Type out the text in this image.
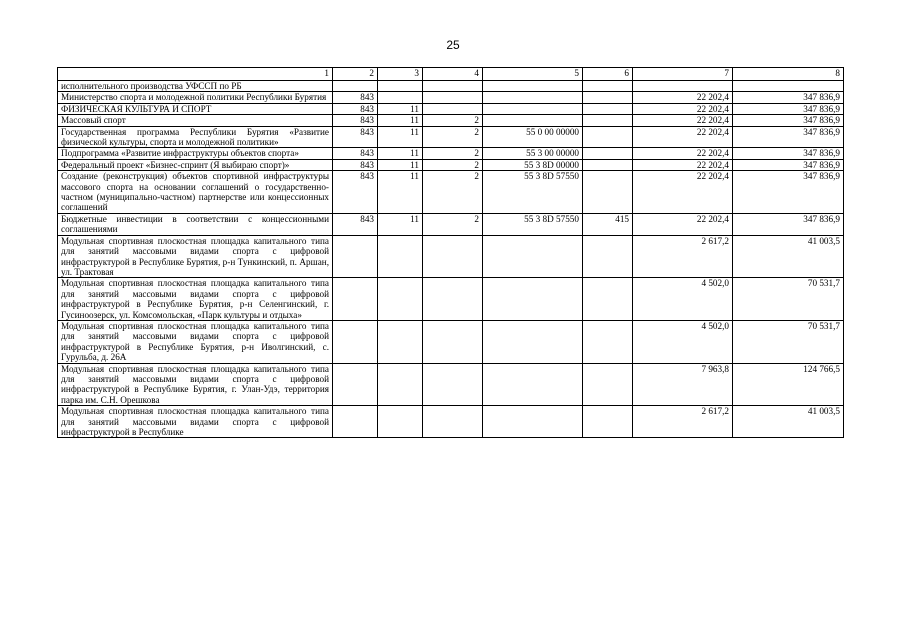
25
1	2	3	4	5	6	7	8
исполнительного производства УФССП по РБ							
Министерство спорта и молодежной политики Республики Бурятия	843					22 202,4	347 836,9
ФИЗИЧЕСКАЯ КУЛЬТУРА И СПОРТ	843	11				22 202,4	347 836,9
Массовый спорт	843	11	2			22 202,4	347 836,9
Государственная программа Республики Бурятия «Развитие физической культуры, спорта и молодежной политики»	843	11	2	55 0 00 00000		22 202,4	347 836,9
Подпрограмма «Развитие инфраструктуры объектов спорта»	843	11	2	55 3 00 00000		22 202,4	347 836,9
Федеральный проект «Бизнес-спринт (Я выбираю спорт)»	843	11	2	55 3 8D 00000		22 202,4	347 836,9
Создание (реконструкция) объектов спортивной инфраструктуры массового спорта на основании соглашений о государственно-частном (муниципально-частном) партнерстве или концессионных соглашений	843	11	2	55 3 8D 57550		22 202,4	347 836,9
Бюджетные инвестиции в соответствии с концессионными соглашениями	843	11	2	55 3 8D 57550	415	22 202,4	347 836,9
Модульная спортивная плоскостная площадка капитального типа для занятий массовыми видами спорта с цифровой инфраструктурой в Республике Бурятия, р-н Тункинский, п. Аршан, ул. Трактовая						2 617,2	41 003,5
Модульная спортивная плоскостная площадка капитального типа для занятий массовыми видами спорта с цифровой инфраструктурой в Республике Бурятия, р-н Селенгинский, г. Гусиноозерск, ул. Комсомольская, «Парк культуры и отдыха»						4 502,0	70 531,7
Модульная спортивная плоскостная площадка капитального типа для занятий массовыми видами спорта с цифровой инфраструктурой в Республике Бурятия, р-н Иволгинский, с. Гурульба, д. 26А						4 502,0	70 531,7
Модульная спортивная плоскостная площадка капитального типа для занятий массовыми видами спорта с цифровой инфраструктурой в Республике Бурятия, г. Улан-Удэ, территория парка им. С.Н. Орешкова						7 963,8	124 766,5
Модульная спортивная плоскостная площадка капитального типа для занятий массовыми видами спорта с цифровой инфраструктурой в Республике						2 617,2	41 003,5
